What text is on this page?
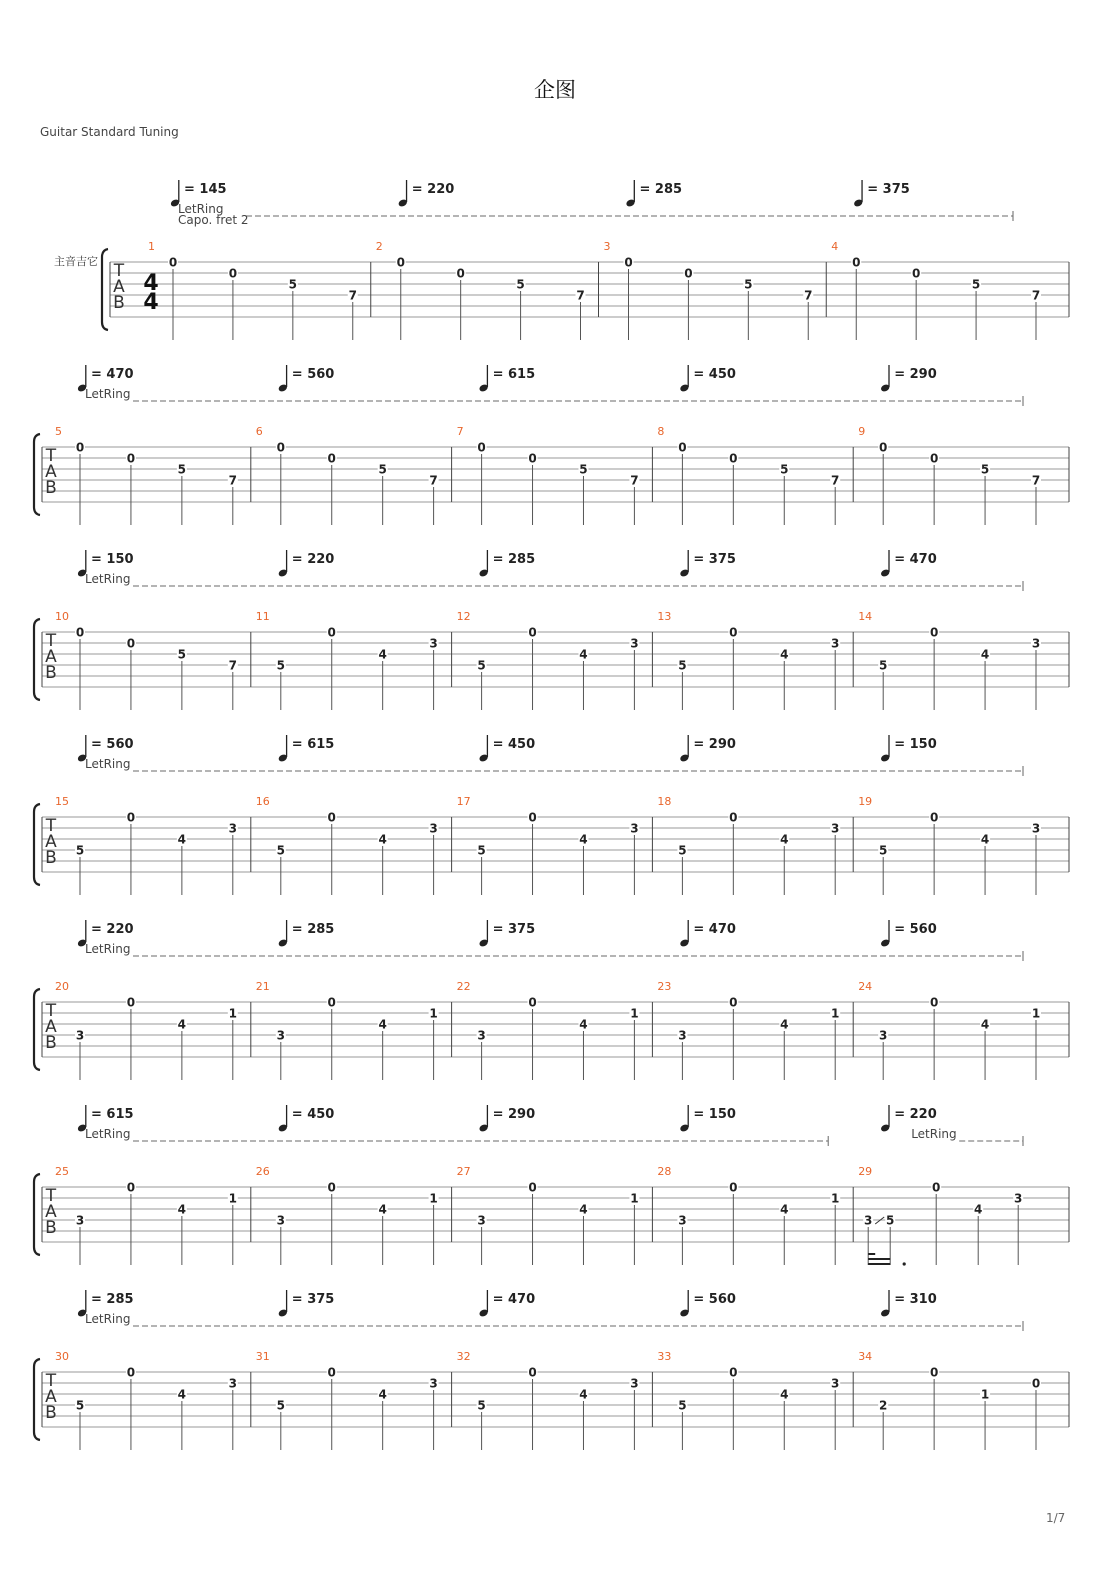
企图
Guitar Standard Tuning
1/7
T
A
B
主音吉它
4
4
1
= 145
0
0
5
7
2
= 220
0
0
5
7
3
= 285
0
0
5
7
4
= 375
0
0
5
7
LetRing
Capo. fret 2
T
A
B
5
= 470
0
0
5
7
6
= 560
0
0
5
7
7
= 615
0
0
5
7
8
= 450
0
0
5
7
9
= 290
0
0
5
7
LetRing
T
A
B
10
= 150
0
0
5
7
11
= 220
5
0
4
3
12
= 285
5
0
4
3
13
= 375
5
0
4
3
14
= 470
5
0
4
3
LetRing
T
A
B
15
= 560
5
0
4
3
16
= 615
5
0
4
3
17
= 450
5
0
4
3
18
= 290
5
0
4
3
19
= 150
5
0
4
3
LetRing
T
A
B
20
= 220
3
0
4
1
21
= 285
3
0
4
1
22
= 375
3
0
4
1
23
= 470
3
0
4
1
24
= 560
3
0
4
1
LetRing
T
A
B
25
= 615
3
0
4
1
26
= 450
3
0
4
1
27
= 290
3
0
4
1
28
= 150
3
0
4
1
29
= 220
3 5
0
4
3
LetRing	LetRing
T
A
B
30
= 285
5
0
4
3
31
= 375
5
0
4
3
32
= 470
5
0
4
3
33
= 560
5
0
4
3
34
= 310
2
0
1
0
LetRing
